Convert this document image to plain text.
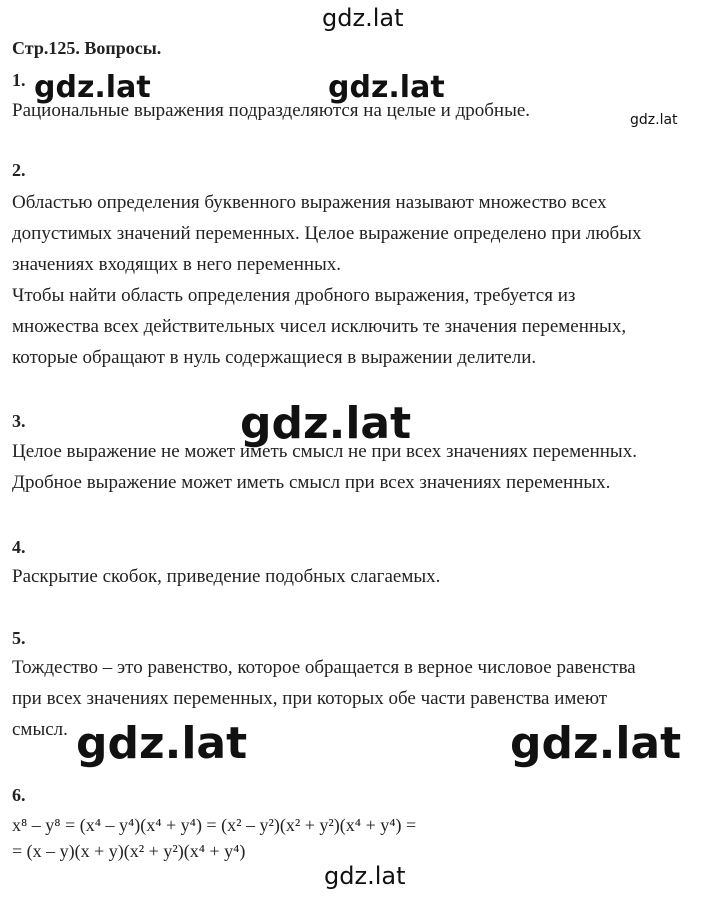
gdz.lat
gdz.lat	gdz.lat
gdz.lat
gdz.lat
gdz.lat	gdz.lat
gdz.lat
Стр.125. Вопросы.
1.
Рациональные выражения подразделяются на целые и дробные.
2.
Областью определения буквенного выражения называют множество всех
допустимых значений переменных. Целое выражение определено при любых
значениях входящих в него переменных.
Чтобы найти область определения дробного выражения, требуется из
множества всех действительных чисел исключить те значения переменных,
которые обращают в нуль содержащиеся в выражении делители.
3.
Целое выражение не может иметь смысл не при всех значениях переменных.
Дробное выражение может иметь смысл при всех значениях переменных.
4.
Раскрытие скобок, приведение подобных слагаемых.
5.
Тождество – это равенство, которое обращается в верное числовое равенства
при всех значениях переменных, при которых обе части равенства имеют
смысл.
6.
x⁸ – y⁸ = (x⁴ – y⁴)(x⁴ + y⁴) = (x² – y²)(x² + y²)(x⁴ + y⁴) =
= (x – y)(x + y)(x² + y²)(x⁴ + y⁴)
